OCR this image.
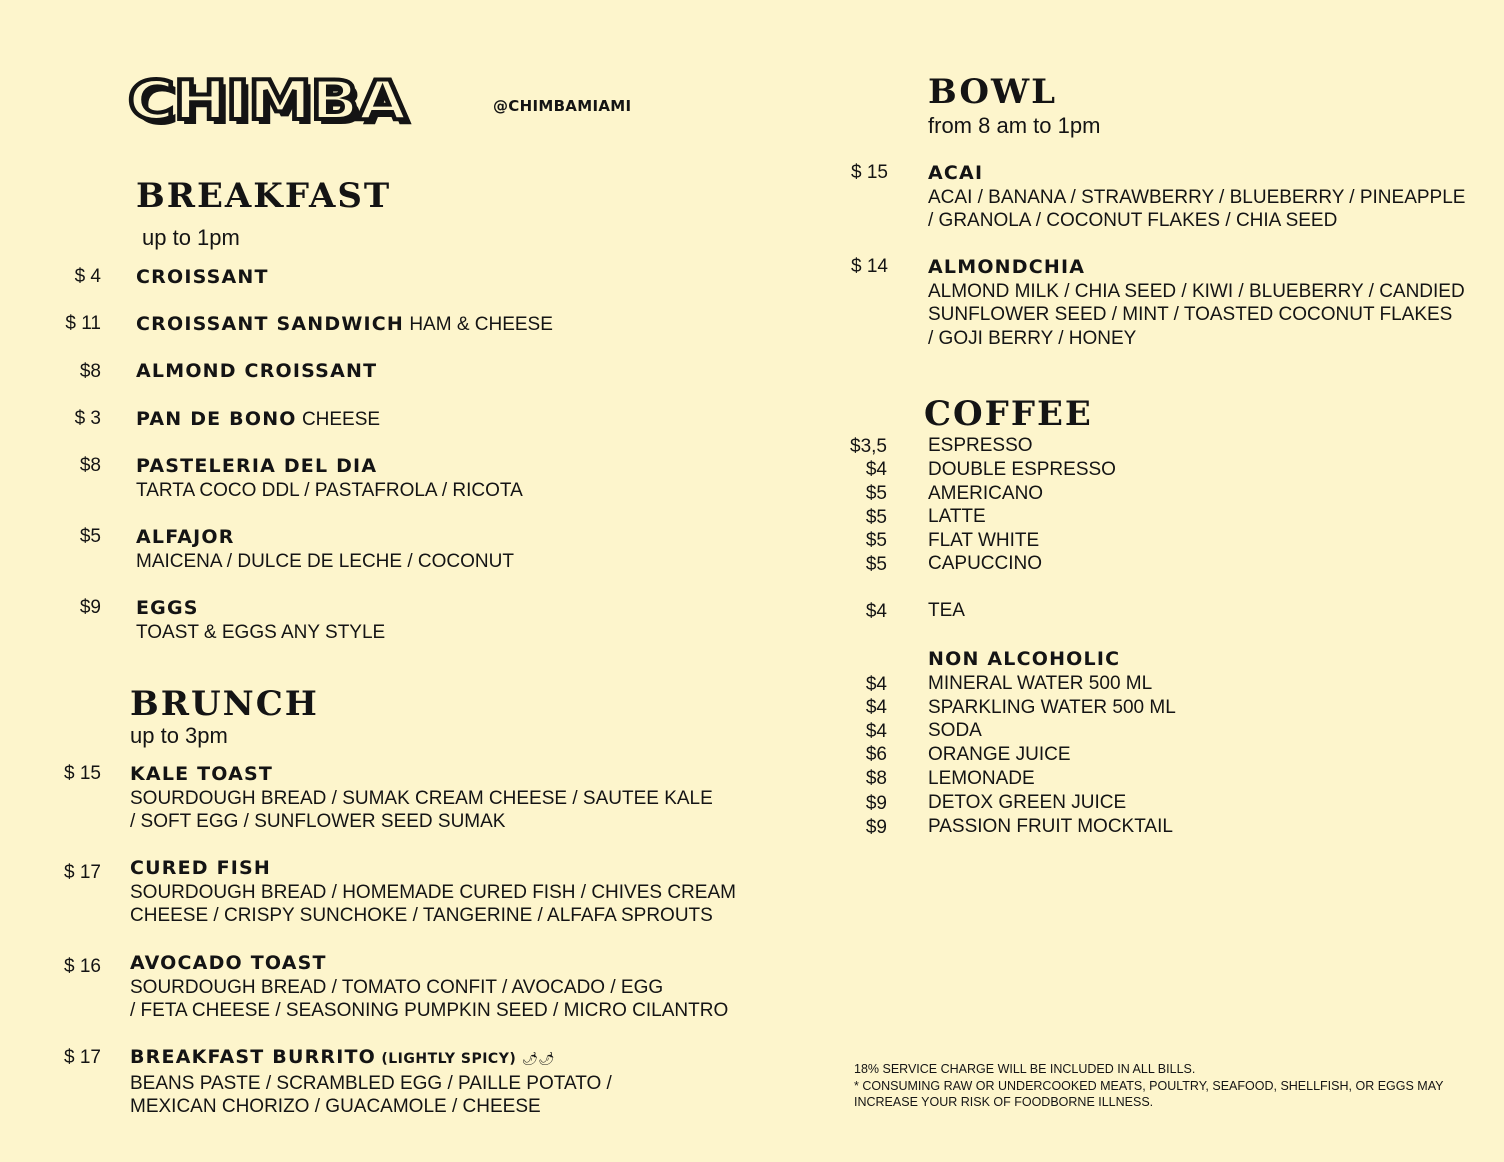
CHIMBA	@CHIMBAMIAMI
BREAKFAST
up to 1pm
$ 4 CROISSANT
$ 11 CROISSANT SANDWICH HAM & CHEESE
$8 ALMOND CROISSANT
$ 3 PAN DE BONO CHEESE
$8 PASTELERIA DEL DIA
TARTA COCO DDL / PASTAFROLA / RICOTA
$5 ALFAJOR
MAICENA / DULCE DE LECHE / COCONUT
$9 EGGS
TOAST & EGGS ANY STYLE
BRUNCH
up to 3pm
$ 15 KALE TOAST
SOURDOUGH BREAD / SUMAK CREAM CHEESE / SAUTEE KALE
/ SOFT EGG / SUNFLOWER SEED SUMAK
$ 17 CURED FISH
SOURDOUGH BREAD / HOMEMADE CURED FISH / CHIVES CREAM
CHEESE / CRISPY SUNCHOKE / TANGERINE / ALFAFA SPROUTS
$ 16 AVOCADO TOAST
SOURDOUGH BREAD / TOMATO CONFIT / AVOCADO / EGG
/ FETA CHEESE / SEASONING PUMPKIN SEED / MICRO CILANTRO
$ 17 BREAKFAST BURRITO (LIGHTLY SPICY) 🌶🌶
BEANS PASTE / SCRAMBLED EGG / PAILLE POTATO /
MEXICAN CHORIZO / GUACAMOLE / CHEESE
BOWL
from 8 am to 1pm
$ 15 ACAI
ACAI / BANANA / STRAWBERRY / BLUEBERRY / PINEAPPLE
/ GRANOLA / COCONUT FLAKES / CHIA SEED
$ 14 ALMONDCHIA
ALMOND MILK / CHIA SEED / KIWI / BLUEBERRY / CANDIED
SUNFLOWER SEED / MINT / TOASTED COCONUT FLAKES
/ GOJI BERRY / HONEY
COFFEE
$3,5 ESPRESSO
$4 DOUBLE ESPRESSO
$5 AMERICANO
$5 LATTE
$5 FLAT WHITE
$5 CAPUCCINO
$4 TEA
NON ALCOHOLIC
$4 MINERAL WATER 500 ML
$4 SPARKLING WATER 500 ML
$4 SODA
$6 ORANGE JUICE
$8 LEMONADE
$9 DETOX GREEN JUICE
$9 PASSION FRUIT MOCKTAIL
18% SERVICE CHARGE WILL BE INCLUDED IN ALL BILLS.
* CONSUMING RAW OR UNDERCOOKED MEATS, POULTRY, SEAFOOD, SHELLFISH, OR EGGS MAY
INCREASE YOUR RISK OF FOODBORNE ILLNESS.
